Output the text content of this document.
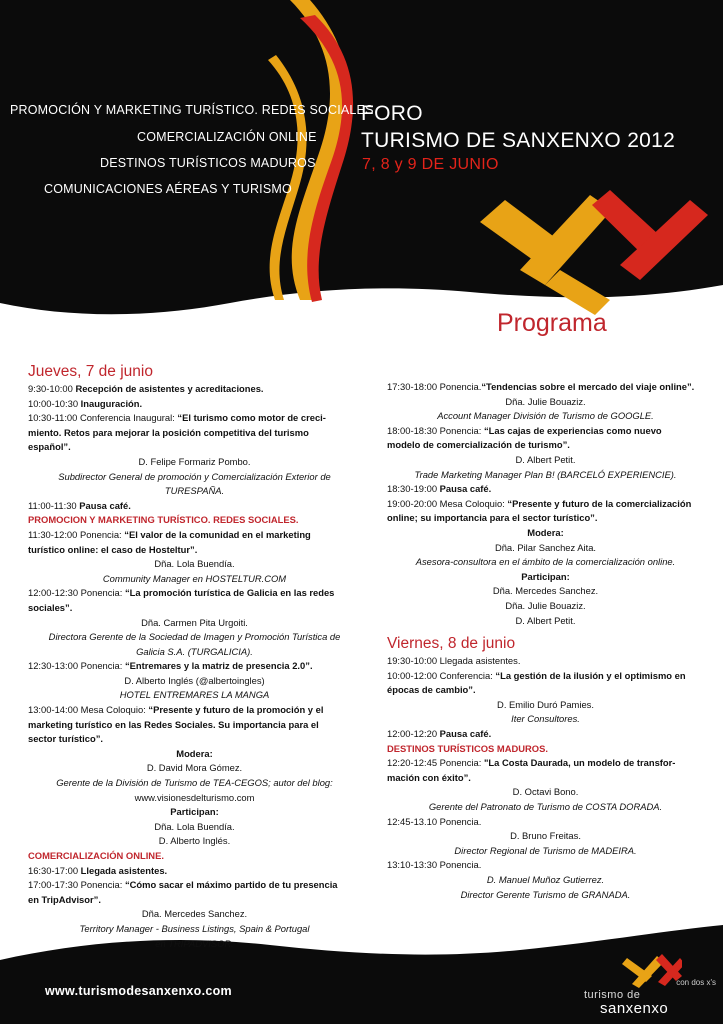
PROMOCIÓN Y MARKETING TURÍSTICO. REDES SOCIALES
COMERCIALIZACIÓN ONLINE
DESTINOS TURÍSTICOS MADUROS
COMUNICACIONES AÉREAS Y TURISMO
FORO
TURISMO DE SANXENXO 2012
7, 8 y 9 DE JUNIO
Programa
Jueves, 7 de junio
9:30-10:00 Recepción de asistentes y acreditaciones.
10:00-10:30 Inauguración.
10:30-11:00 Conferencia Inaugural: “El turismo como motor de creci-
miento. Retos para mejorar la posición competitiva del turismo
español”.
D. Felipe Formariz Pombo.
Subdirector General de promoción y Comercialización Exterior de
TURESPAÑA.
11:00-11:30 Pausa café.
PROMOCION Y MARKETING TURÍSTICO. REDES SOCIALES.
11:30-12:00 Ponencia: “El valor de la comunidad en el marketing
turístico online: el caso de Hosteltur”.
Dña. Lola Buendía.
Community Manager en HOSTELTUR.COM
12:00-12:30 Ponencia: “La promoción turística de Galicia en las redes
sociales”.
Dña. Carmen Pita Urgoiti.
Directora Gerente de la Sociedad de Imagen y Promoción Turística de
Galicia S.A. (TURGALICIA).
12:30-13:00 Ponencia: “Entremares y la matriz de presencia 2.0”.
D. Alberto Inglés (@albertoingles)
HOTEL ENTREMARES LA MANGA
13:00-14:00 Mesa Coloquio: “Presente y futuro de la promoción y el
marketing turístico en las Redes Sociales. Su importancia para el
sector turístico”.
Modera:
D. David Mora Gómez.
Gerente de la División de Turismo de TEA-CEGOS; autor del blog:
www.visionesdelturismo.com
Participan:
Dña. Lola Buendía.
D. Alberto Inglés.
COMERCIALIZACIÓN ONLINE.
16:30-17:00 Llegada asistentes.
17:00-17:30 Ponencia: “Cómo sacar el máximo partido de tu presencia
en TripAdvisor”.
Dña. Mercedes Sanchez.
Territory Manager - Business Listings, Spain & Portugal
en TRIPADVISOR.
17:30-18:00 Ponencia.“Tendencias sobre el mercado del viaje online”.
Dña. Julie Bouaziz.
Account Manager División de Turismo de GOOGLE.
18:00-18:30 Ponencia: “Las cajas de experiencias como nuevo
modelo de comercialización de turismo”.
D. Albert Petit.
Trade Marketing Manager Plan B! (BARCELÓ EXPERIENCIE).
18:30-19:00 Pausa café.
19:00-20:00 Mesa Coloquio: “Presente y futuro de la comercialización
online; su importancia para el sector turístico”.
Modera:
Dña. Pilar Sanchez Aita.
Asesora-consultora en el ámbito de la comercialización online.
Participan:
Dña. Mercedes Sanchez.
Dña. Julie Bouaziz.
D. Albert Petit.
Viernes, 8 de junio
19:30-10:00 Llegada asistentes.
10:00-12:00 Conferencia: “La gestión de la ilusión y el optimismo en
épocas de cambio”.
D. Emilio Duró Pamies.
Iter Consultores.
12:00-12:20 Pausa café.
DESTINOS TURÍSTICOS MADUROS.
12:20-12:45 Ponencia: "La Costa Daurada, un modelo de transfor-
mación con éxito”.
D. Octavi Bono.
Gerente del Patronato de Turismo de COSTA DORADA.
12:45-13.10 Ponencia.
D. Bruno Freitas.
Director Regional de Turismo de MADEIRA.
13:10-13:30 Ponencia.
D. Manuel Muñoz Gutierrez.
Director Gerente Turismo de GRANADA.
www.turismodesanxenxo.com
con dos x's
turismo de
sanxenxo
